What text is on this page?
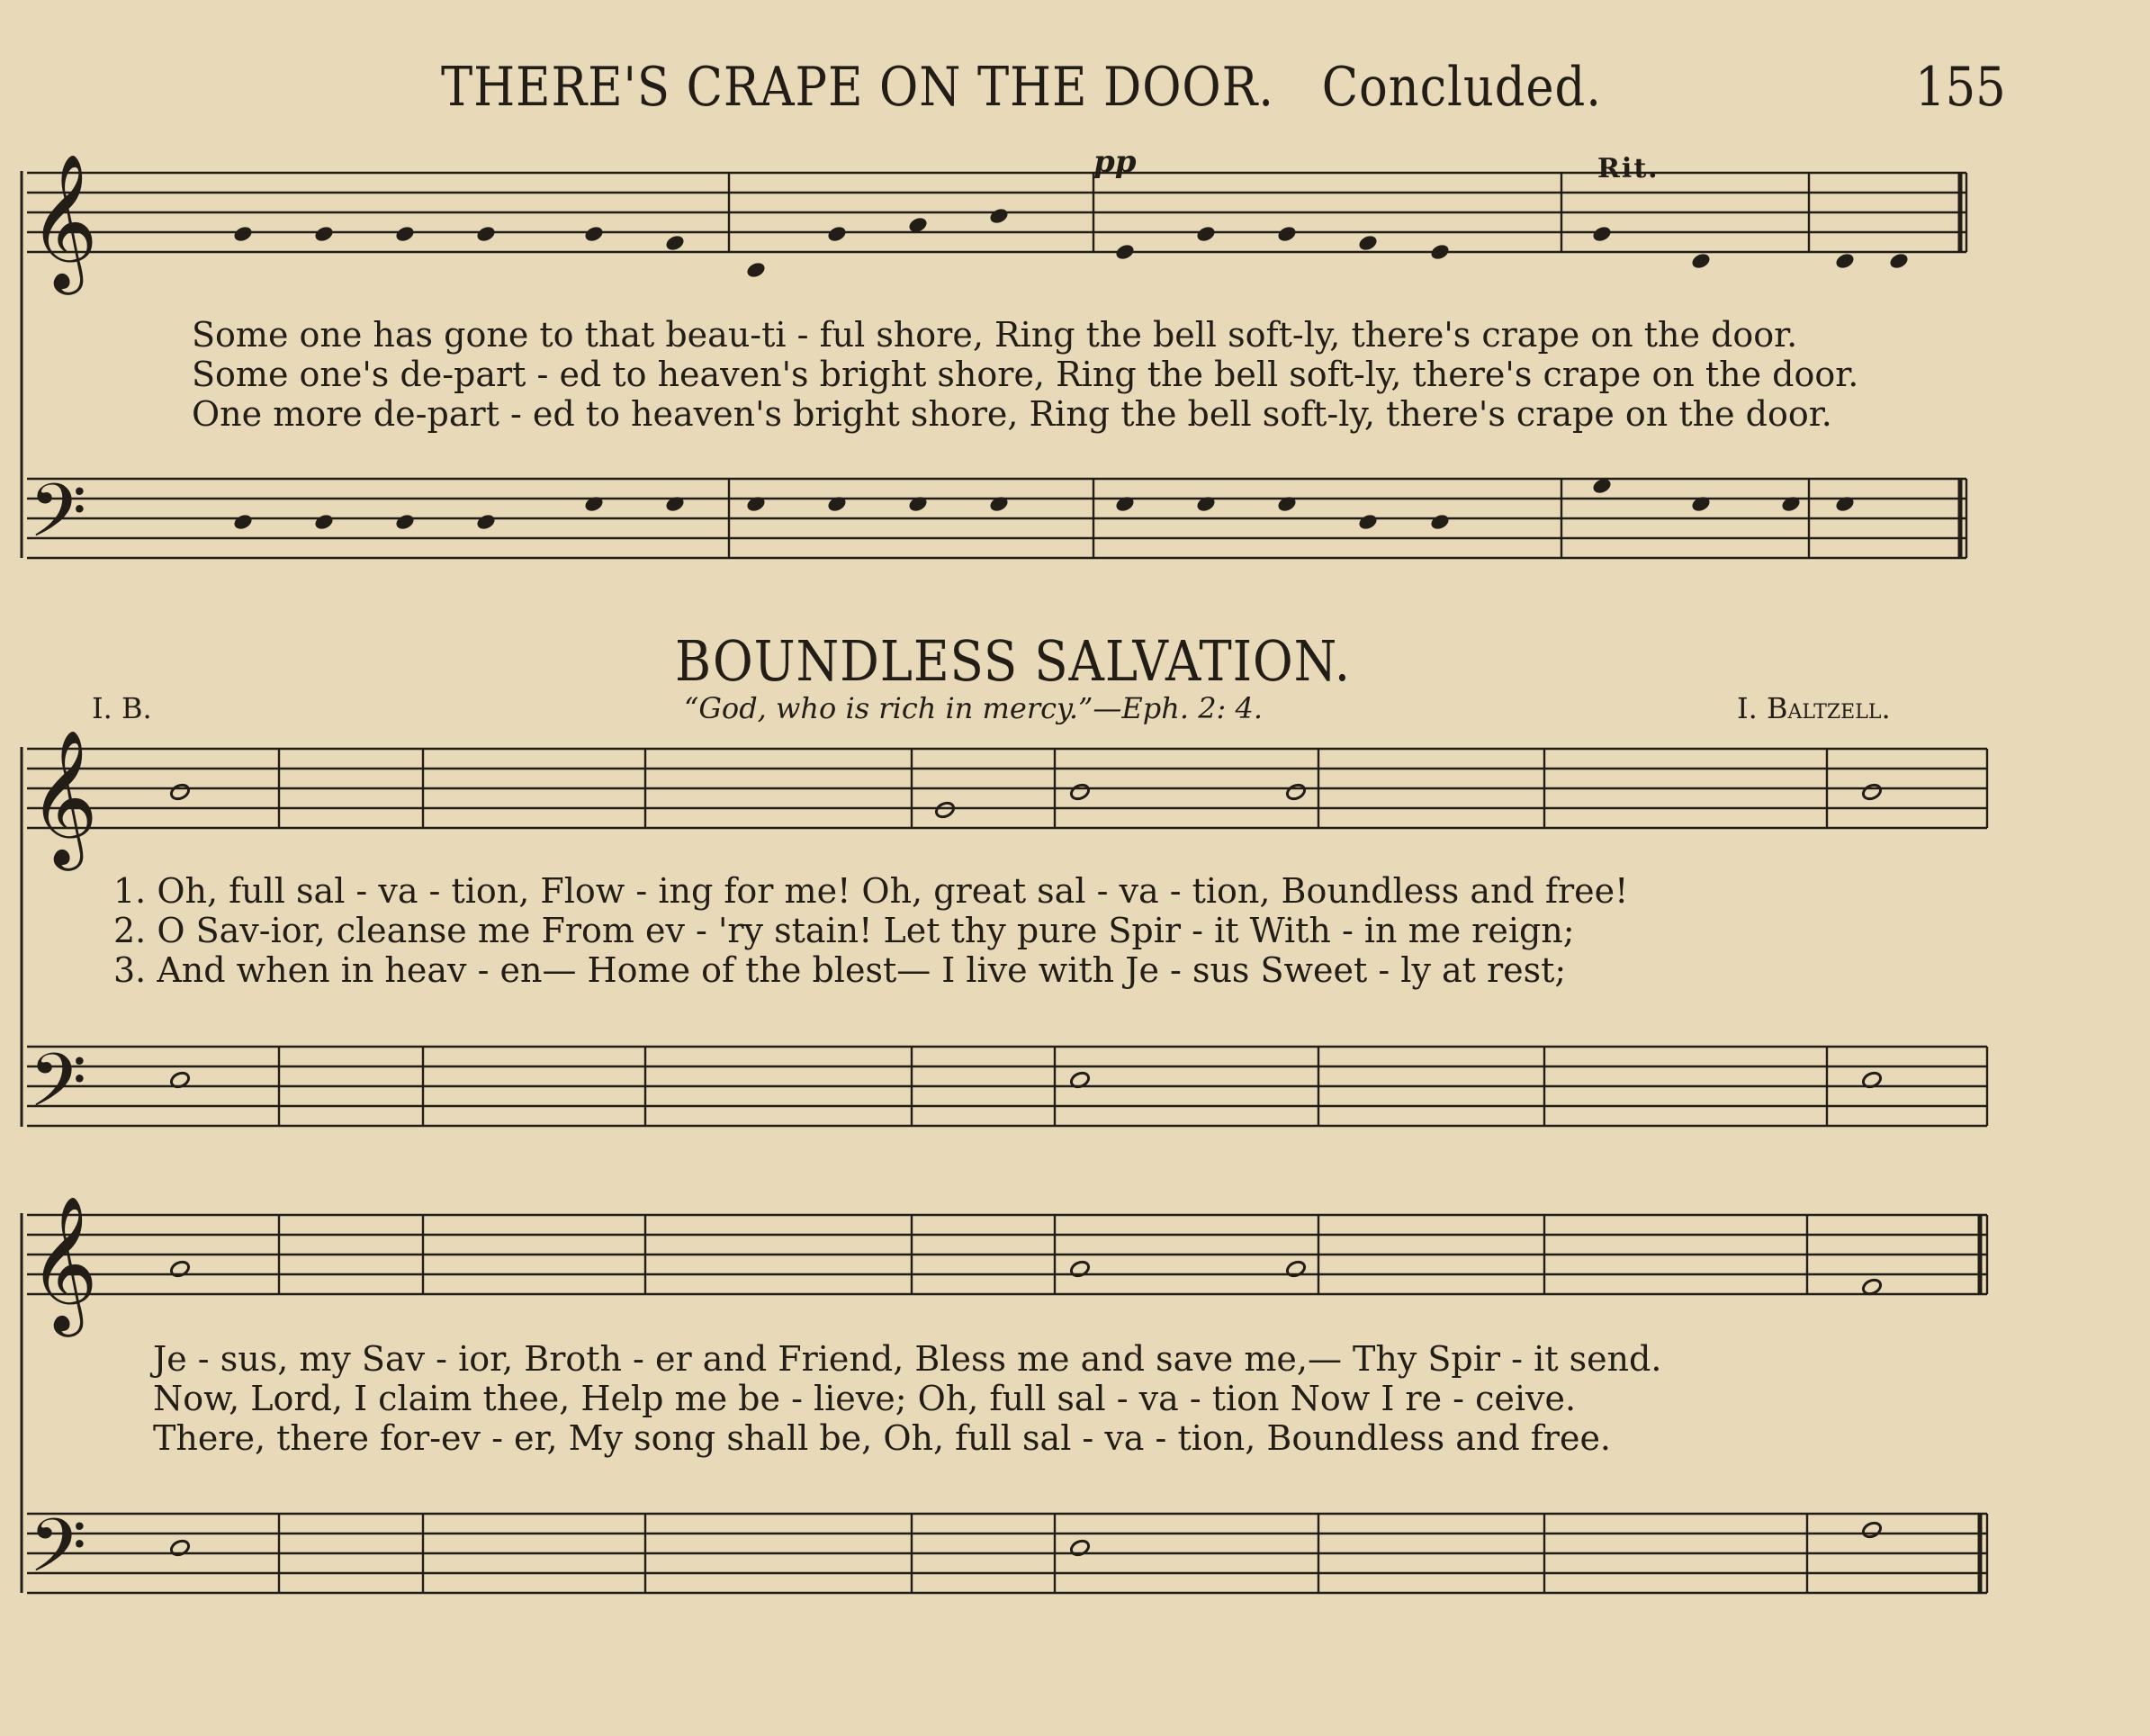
THERE'S CRAPE ON THE DOOR. Concluded.	155
𝄞
𝄢
𝄞
𝄢
𝄞
𝄢
pp	Rit.
Some one has gone to that beau-ti - ful shore, Ring the bell soft-ly, there's crape on the door.
Some one's de-part - ed to heaven's bright shore, Ring the bell soft-ly, there's crape on the door.
One more de-part - ed to heaven's bright shore, Ring the bell soft-ly, there's crape on the door.
BOUNDLESS SALVATION.
I. B.	“God, who is rich in mercy.”—Eph. 2: 4.	I. Baltzell.
1. Oh, full sal - va - tion, Flow - ing for me! Oh, great sal - va - tion, Boundless and free!
2. O Sav-ior, cleanse me From ev - 'ry stain! Let thy pure Spir - it With - in me reign;
3. And when in heav - en— Home of the blest— I live with Je - sus Sweet - ly at rest;
Je - sus, my Sav - ior, Broth - er and Friend, Bless me and save me,— Thy Spir - it send.
Now, Lord, I claim thee, Help me be - lieve; Oh, full sal - va - tion Now I re - ceive.
There, there for-ev - er, My song shall be, Oh, full sal - va - tion, Boundless and free.
